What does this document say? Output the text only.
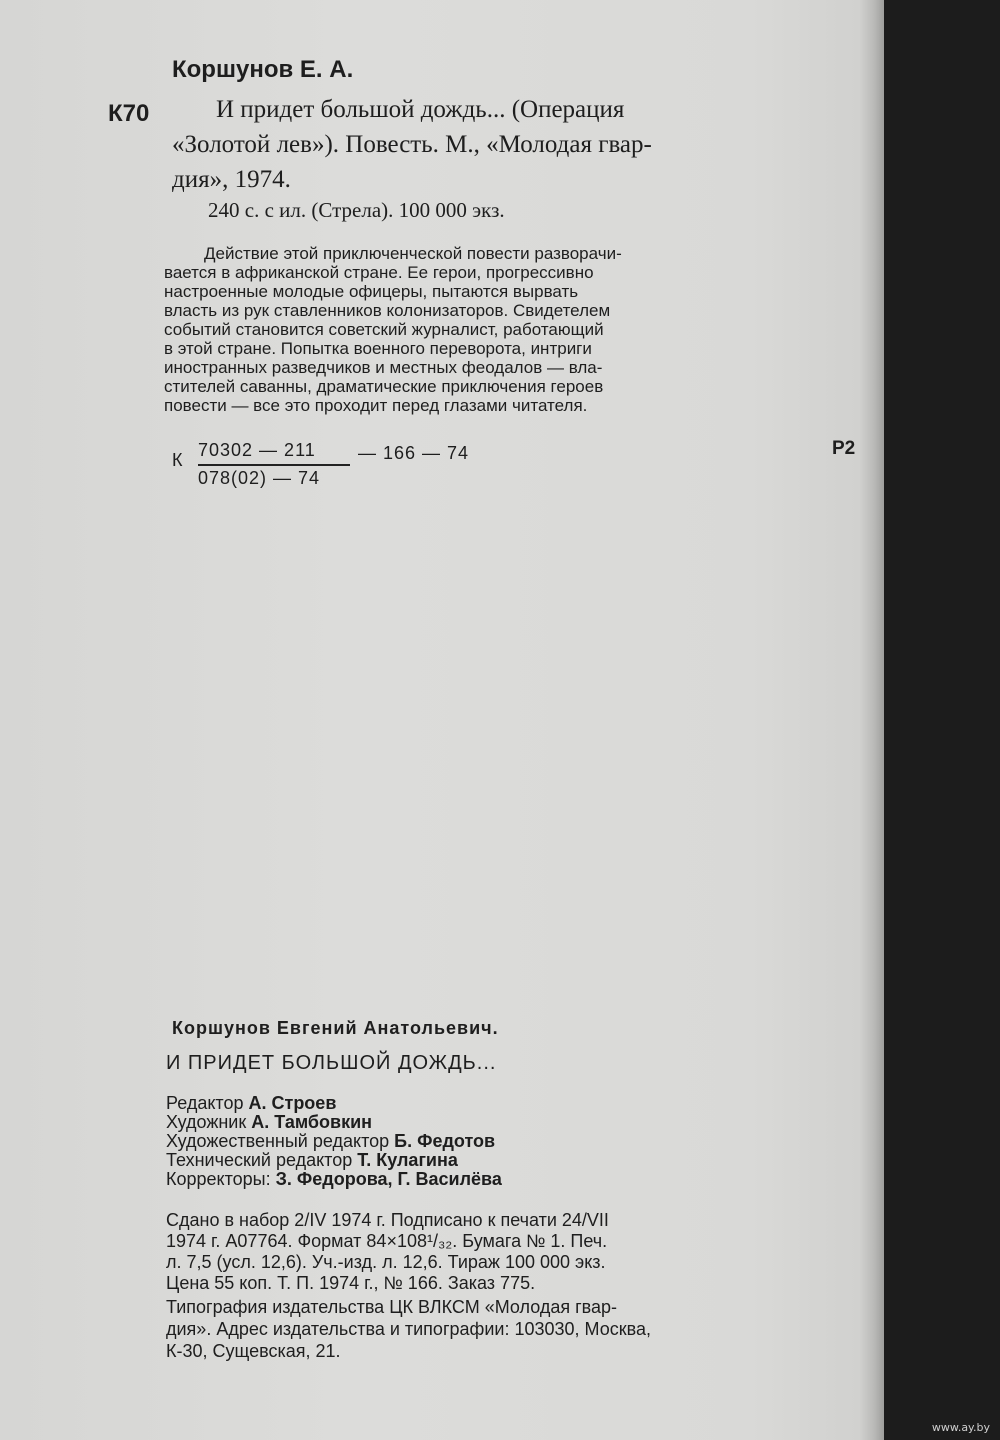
Коршунов Е. А.
К70	И придет большой дождь... (Операция
«Золотой лев»). Повесть. М., «Молодая гвар-
дия», 1974.
240 с. с ил. (Стрела). 100 000 экз.
Действие этой приключенческой повести разворачи-
вается в африканской стране. Ее герои, прогрессивно
настроенные молодые офицеры, пытаются вырвать
власть из рук ставленников колонизаторов. Свидетелем
событий становится советский журналист, работающий
в этой стране. Попытка военного переворота, интриги
иностранных разведчиков и местных феодалов — вла-
стителей саванны, драматические приключения героев
повести — все это проходит перед глазами читателя.
К 70302 — 211
078(02) — 74
— 166 — 74	Р2
Коршунов Евгений Анатольевич.
И ПРИДЕТ БОЛЬШОЙ ДОЖДЬ...
Редактор А. Строев
Художник А. Тамбовкин
Художественный редактор Б. Федотов
Технический редактор Т. Кулагина
Корректоры: З. Федорова, Г. Василёва
Сдано в набор 2/IV 1974 г. Подписано к печати 24/VII
1974 г. А07764. Формат 84×108¹/₃₂. Бумага № 1. Печ.
л. 7,5 (усл. 12,6). Уч.-изд. л. 12,6. Тираж 100 000 экз.
Цена 55 коп. Т. П. 1974 г., № 166. Заказ 775.
Типография издательства ЦК ВЛКСМ «Молодая гвар-
дия». Адрес издательства и типографии: 103030, Москва,
К-30, Сущевская, 21.
www.ay.by
